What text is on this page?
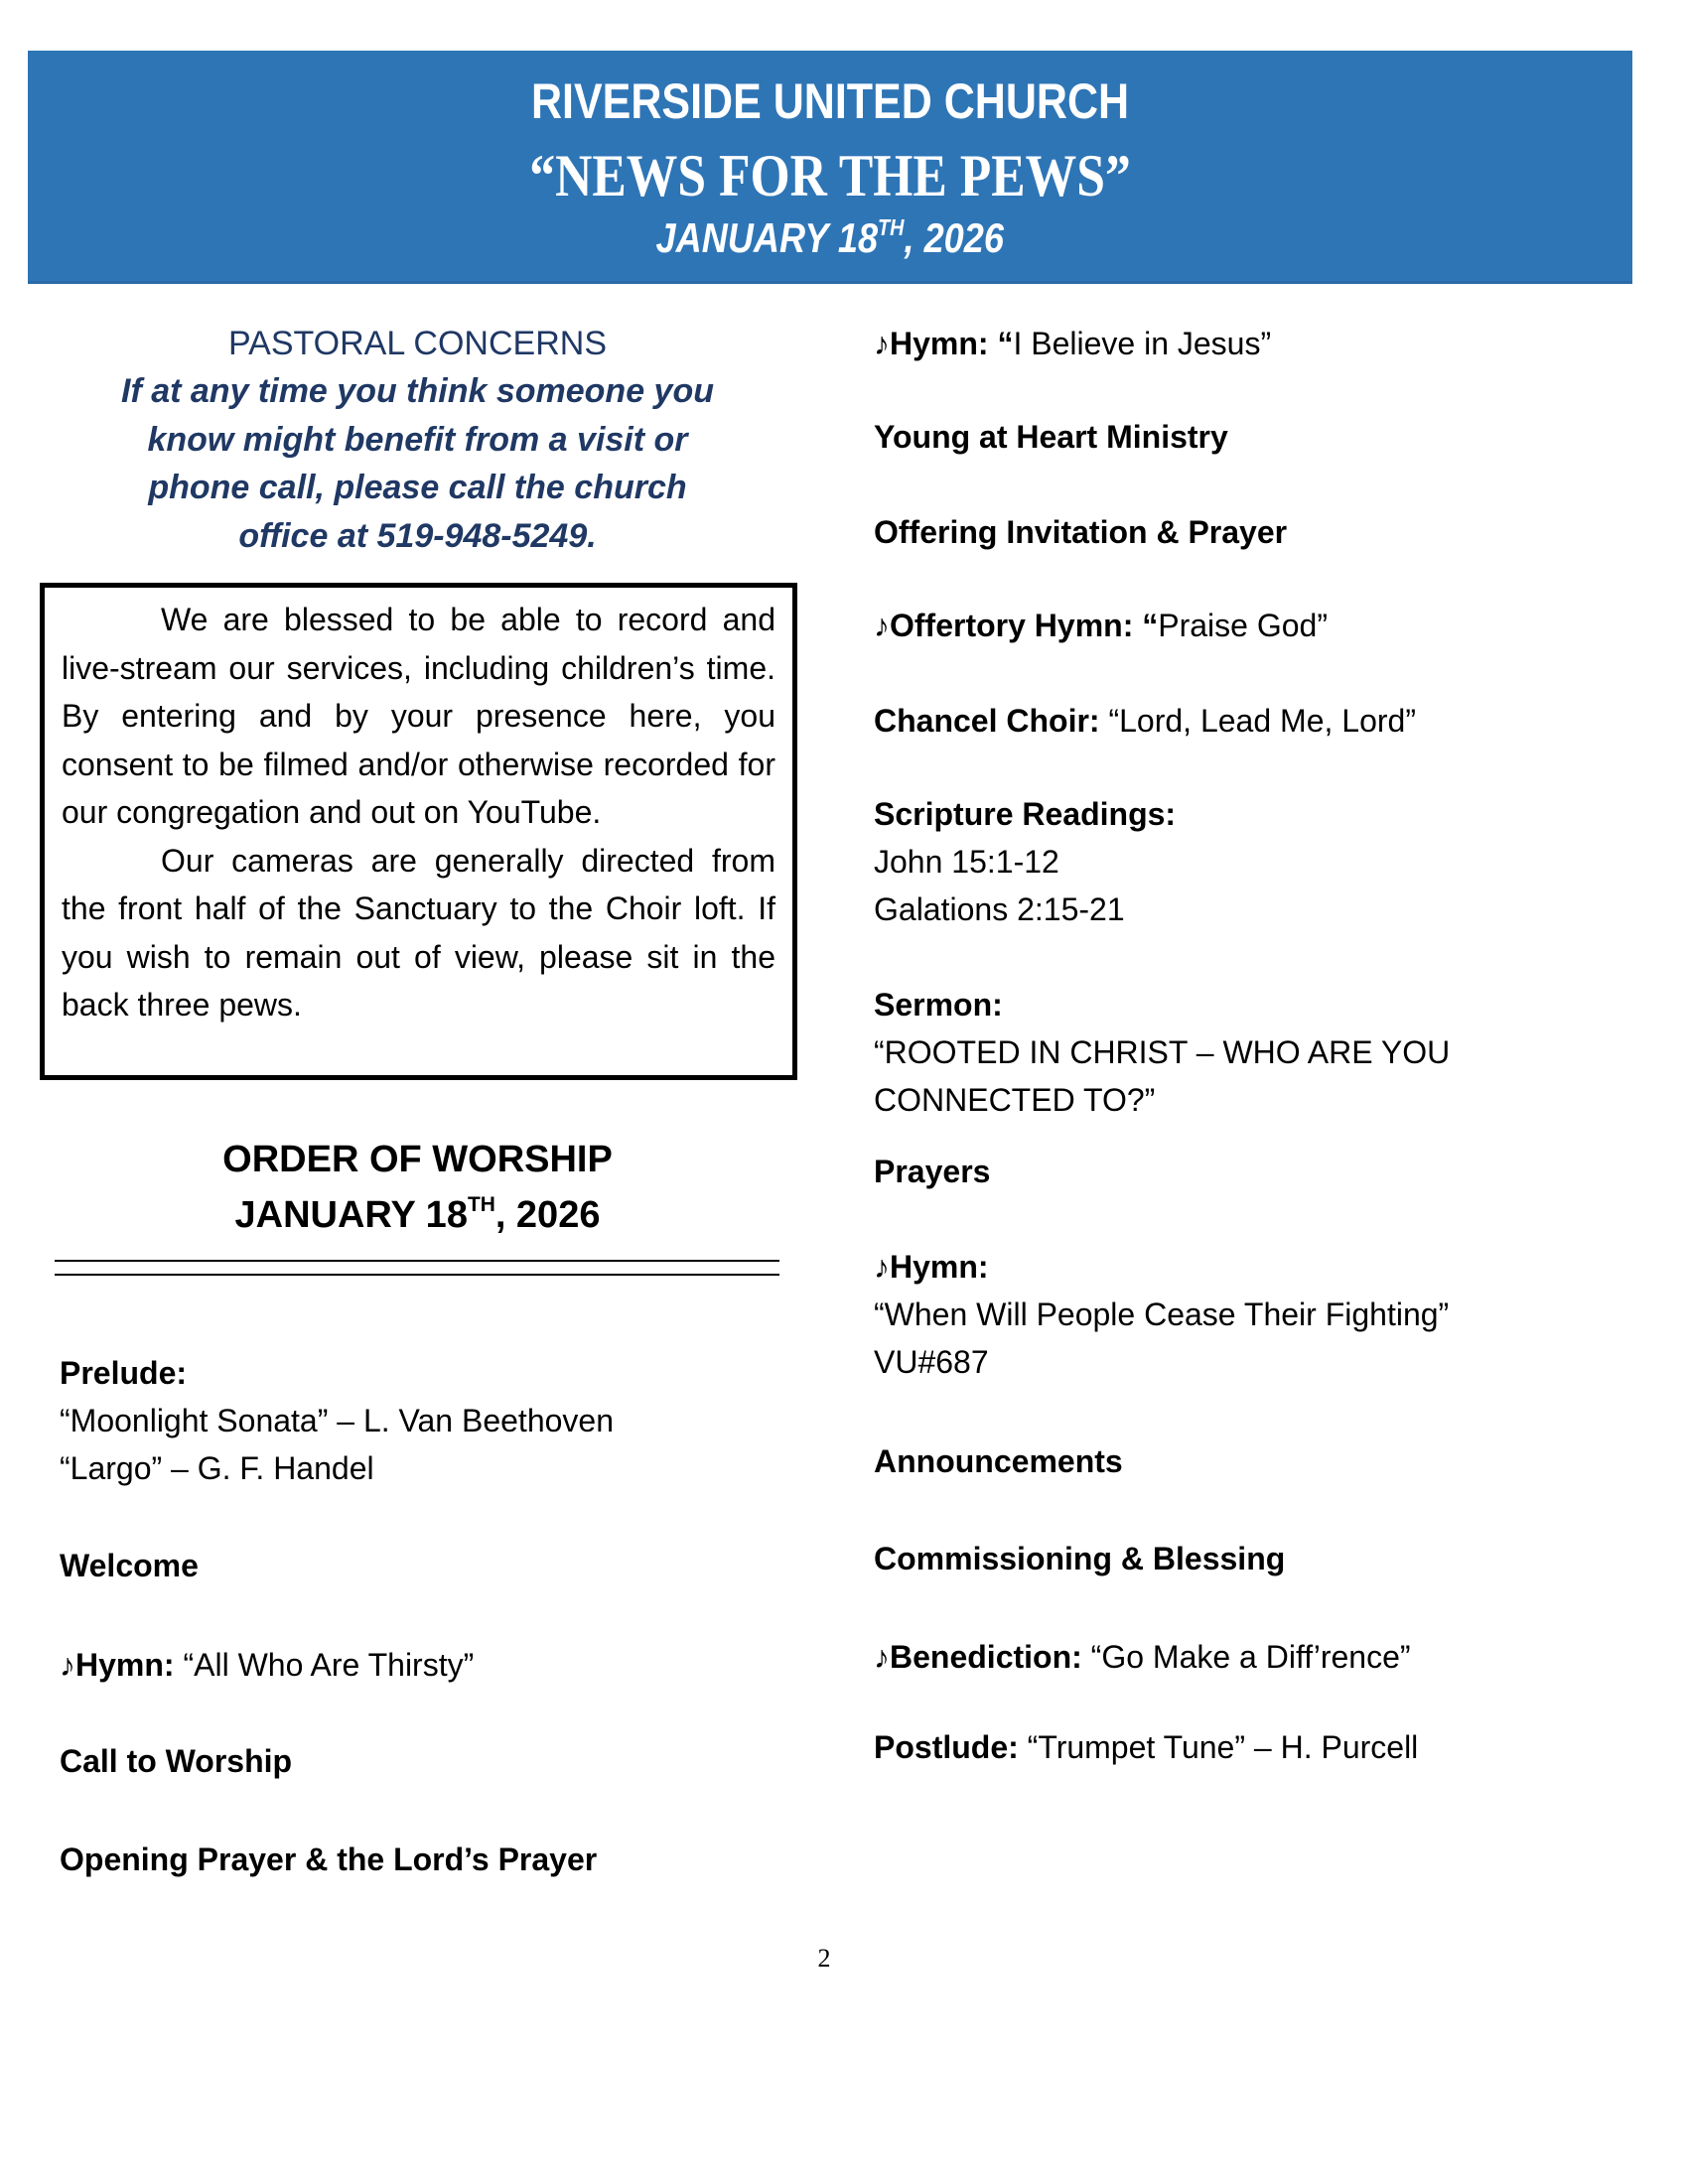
RIVERSIDE UNITED CHURCH
“NEWS FOR THE PEWS”
JANUARY 18TH, 2026
PASTORAL CONCERNS
If at any time you think someone you
know might benefit from a visit or
phone call, please call the church
office at 519-948-5249.

We are blessed to be able to record and live-stream our services, including children’s time. By entering and by your presence here, you consent to be filmed and/or otherwise recorded for our congregation and out on YouTube.

Our cameras are generally directed from the front half of the Sanctuary to the Choir loft. If you wish to remain out of view, please sit in the back three pews.

ORDER OF WORSHIP
JANUARY 18TH, 2026
Prelude:
“Moonlight Sonata” – L. Van Beethoven
“Largo” – G. F. Handel
Welcome
♪Hymn: “All Who Are Thirsty”
Call to Worship
Opening Prayer & the Lord’s Prayer
♪Hymn: “I Believe in Jesus”
Young at Heart Ministry
Offering Invitation & Prayer
♪Offertory Hymn: “Praise God”
Chancel Choir: “Lord, Lead Me, Lord”
Scripture Readings:
John 15:1-12
Galations 2:15-21
Sermon:
“ROOTED IN CHRIST – WHO ARE YOU
CONNECTED TO?”
Prayers
♪Hymn:
“When Will People Cease Their Fighting”
VU#687
Announcements
Commissioning & Blessing
♪Benediction: “Go Make a Diff’rence”
Postlude: “Trumpet Tune” – H. Purcell
2
